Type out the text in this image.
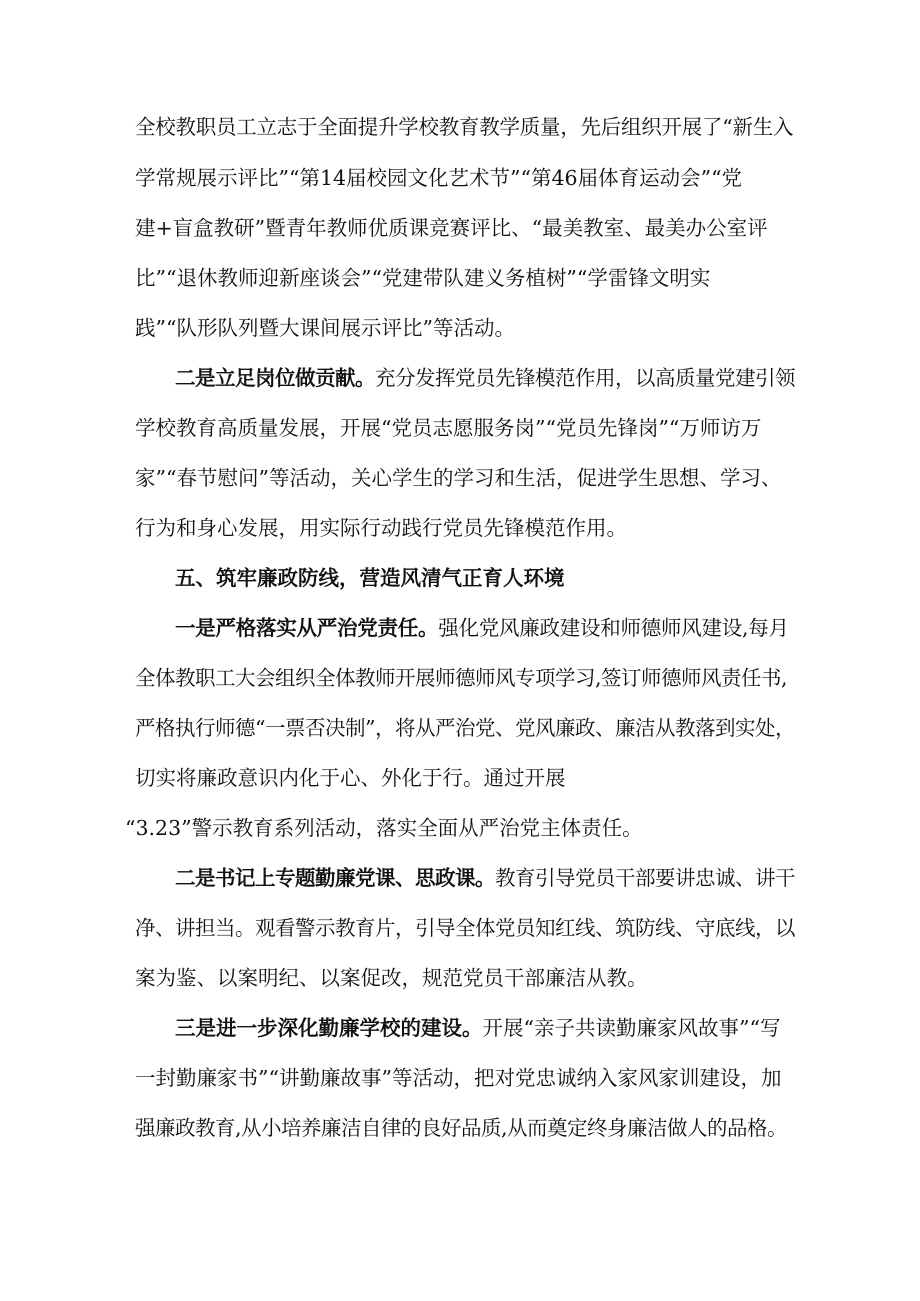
全校教职员工立志于全面提升学校教育教学质量，先后组织开展了“新生入
学常规展示评比”“第14届校园文化艺术节”“第46届体育运动会”“党
建+盲盒教研”暨青年教师优质课竞赛评比、“最美教室、最美办公室评
比”“退休教师迎新座谈会”“党建带队建义务植树”“学雷锋文明实
践”“队形队列暨大课间展示评比”等活动。
二是立足岗位做贡献。充分发挥党员先锋模范作用，以高质量党建引领
学校教育高质量发展，开展“党员志愿服务岗”“党员先锋岗”“万师访万
家”“春节慰问”等活动，关心学生的学习和生活，促进学生思想、学习、
行为和身心发展，用实际行动践行党员先锋模范作用。
五、筑牢廉政防线，营造风清气正育人环境
一是严格落实从严治党责任。强化党风廉政建设和师德师风建设,每月
全体教职工大会组织全体教师开展师德师风专项学习,签订师德师风责任书,
严格执行师德“一票否决制”，将从严治党、党风廉政、廉洁从教落到实处，
切实将廉政意识内化于心、外化于行。通过开展
“3.23”警示教育系列活动，落实全面从严治党主体责任。
二是书记上专题勤廉党课、思政课。教育引导党员干部要讲忠诚、讲干
净、讲担当。观看警示教育片，引导全体党员知红线、筑防线、守底线，以
案为鉴、以案明纪、以案促改，规范党员干部廉洁从教。
三是进一步深化勤廉学校的建设。开展“亲子共读勤廉家风故事”“写
一封勤廉家书”“讲勤廉故事”等活动，把对党忠诚纳入家风家训建设，加
强廉政教育,从小培养廉洁自律的良好品质,从而奠定终身廉洁做人的品格。
